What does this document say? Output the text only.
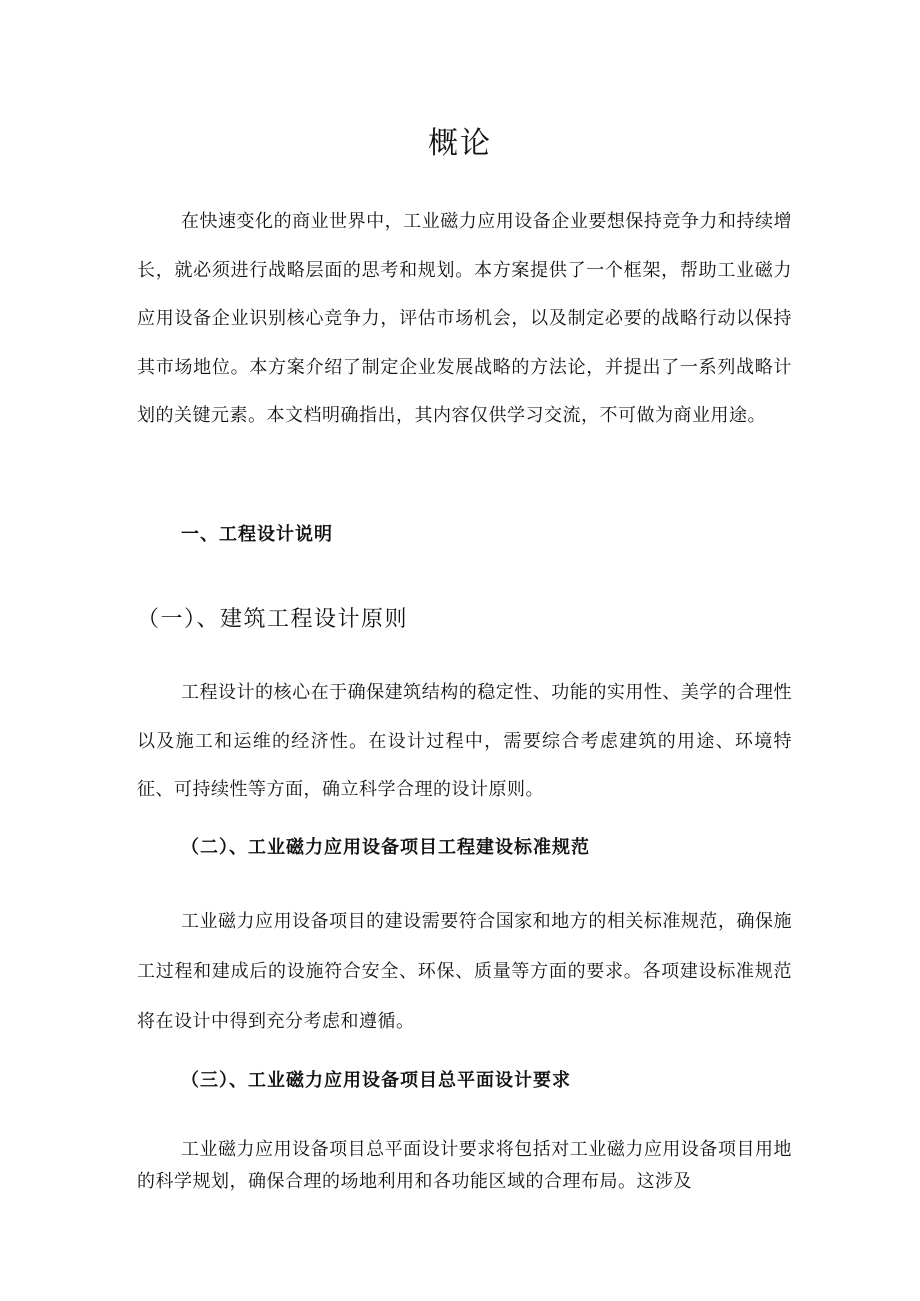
概论

在快速变化的商业世界中，工业磁力应用设备企业要想保持竞争力和持续增长，就必须进行战略层面的思考和规划。本方案提供了一个框架，帮助工业磁力应用设备企业识别核心竞争力，评估市场机会，以及制定必要的战略行动以保持其市场地位。本方案介绍了制定企业发展战略的方法论，并提出了一系列战略计划的关键元素。本文档明确指出，其内容仅供学习交流，不可做为商业用途。

一、工程设计说明
（一）、建筑工程设计原则

工程设计的核心在于确保建筑结构的稳定性、功能的实用性、美学的合理性以及施工和运维的经济性。在设计过程中，需要综合考虑建筑的用途、环境特征、可持续性等方面，确立科学合理的设计原则。

（二）、工业磁力应用设备项目工程建设标准规范

工业磁力应用设备项目的建设需要符合国家和地方的相关标准规范，确保施工过程和建成后的设施符合安全、环保、质量等方面的要求。各项建设标准规范将在设计中得到充分考虑和遵循。

（三）、工业磁力应用设备项目总平面设计要求

工业磁力应用设备项目总平面设计要求将包括对工业磁力应用设备项目用地的科学规划，确保合理的场地利用和各功能区域的合理布局。这涉及
